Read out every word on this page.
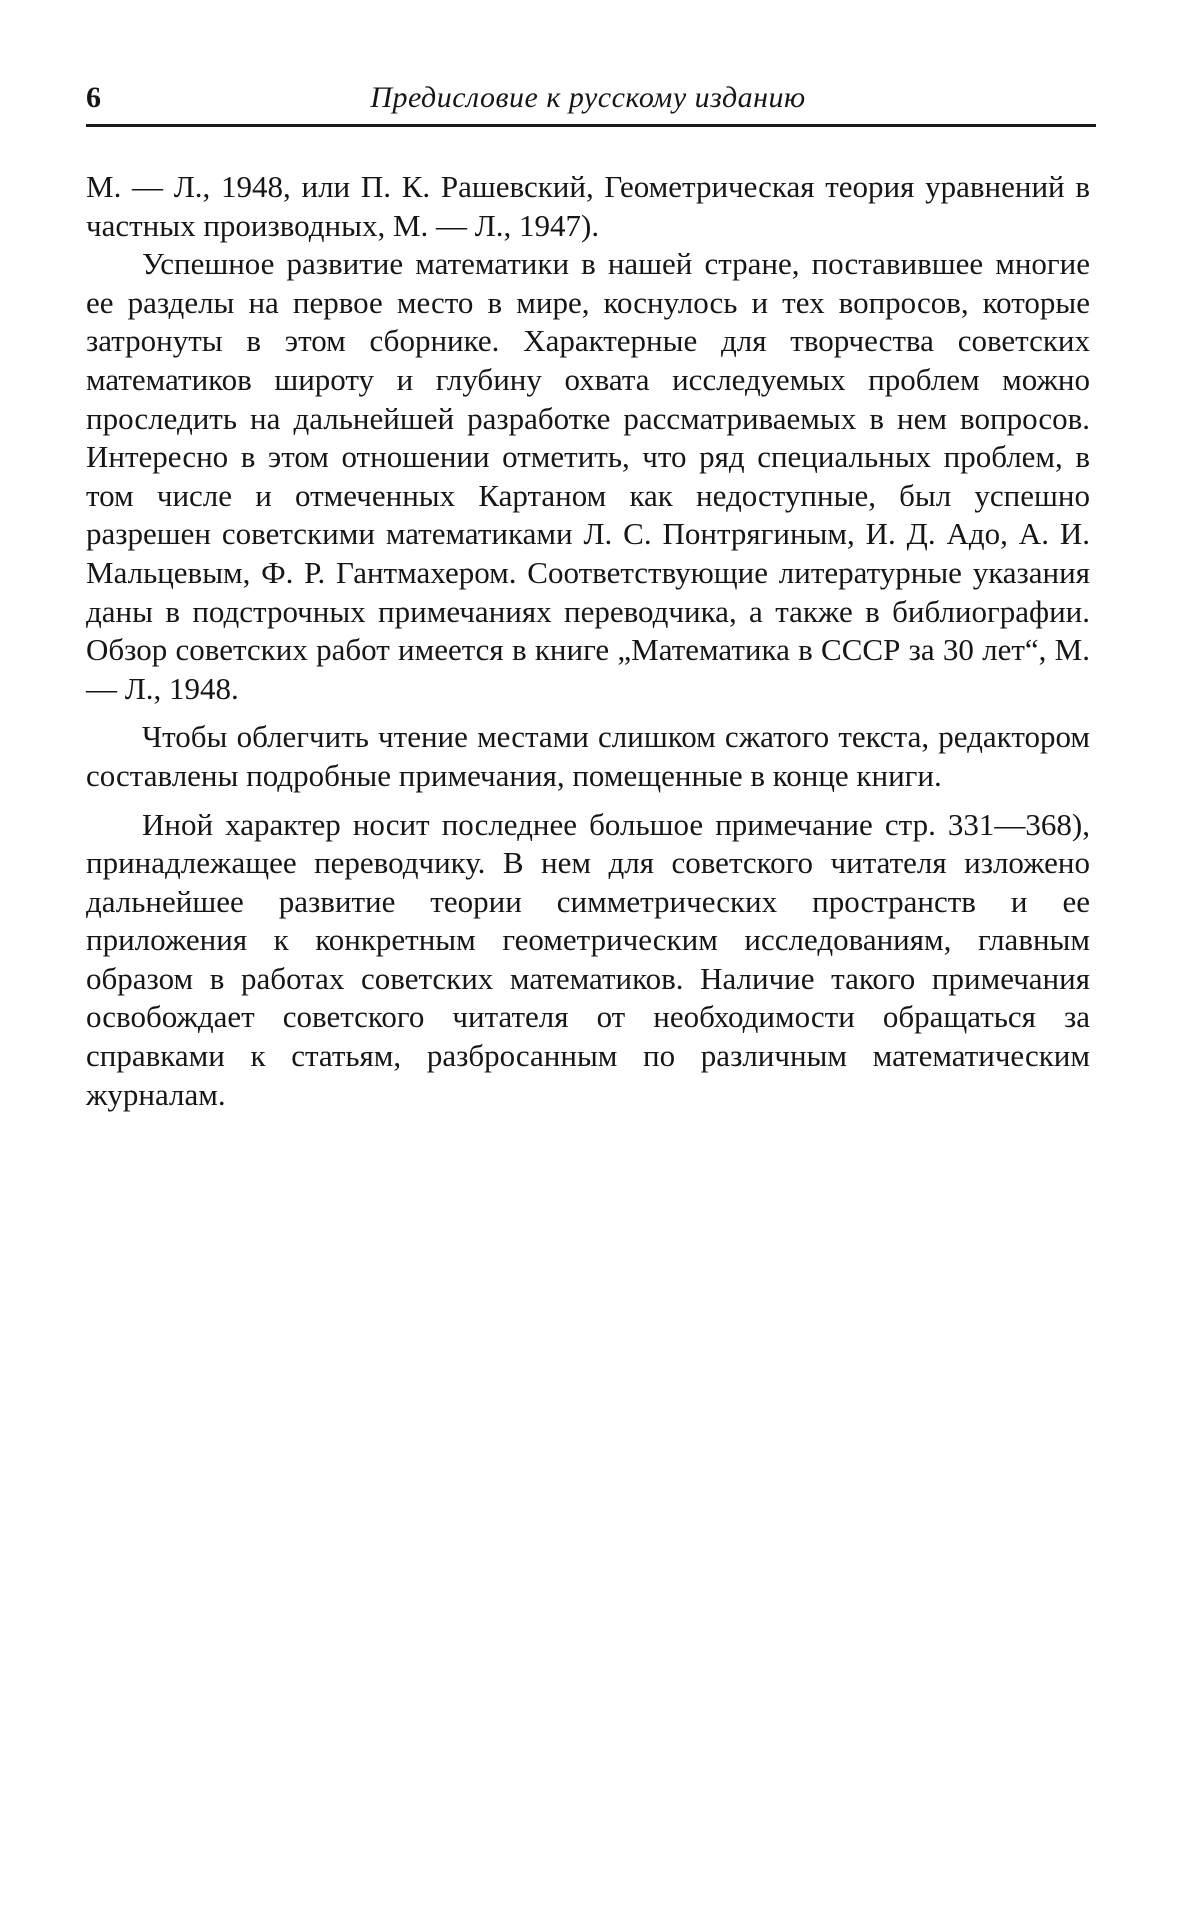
6	Предисловие к русскому изданию

М. — Л., 1948, или П. К. Рашевский, Геометрическая теория уравнений в частных производных, М. — Л., 1947).

Успешное развитие математики в нашей стране, поставившее многие ее разделы на первое место в мире, коснулось и тех вопросов, которые затронуты в этом сборнике. Характерные для творчества советских математиков широту и глубину охвата исследуемых проблем можно проследить на дальнейшей разработке рассматриваемых в нем вопросов. Интересно в этом отношении отметить, что ряд специальных проблем, в том числе и отмеченных Картаном как недоступные, был успешно разрешен советскими математиками Л. С. Понтрягиным, И. Д. Адо, А. И. Мальцевым, Ф. Р. Гантмахером. Соответствующие литературные указания даны в подстрочных примечаниях переводчика, а также в библиографии. Обзор советских работ имеется в книге „Математика в СССР за 30 лет“, М. — Л., 1948.

Чтобы облегчить чтение местами слишком сжатого текста, редактором составлены подробные примечания, помещенные в конце книги.

Иной характер носит последнее большое примечание стр. 331—368), принадлежащее переводчику. В нем для советского читателя изложено дальнейшее развитие теории симметрических пространств и ее приложения к конкретным геометрическим исследованиям, главным образом в работах советских математиков. Наличие такого примечания освобождает советского читателя от необходимости обращаться за справками к статьям, разбросанным по различным математическим журналам.
